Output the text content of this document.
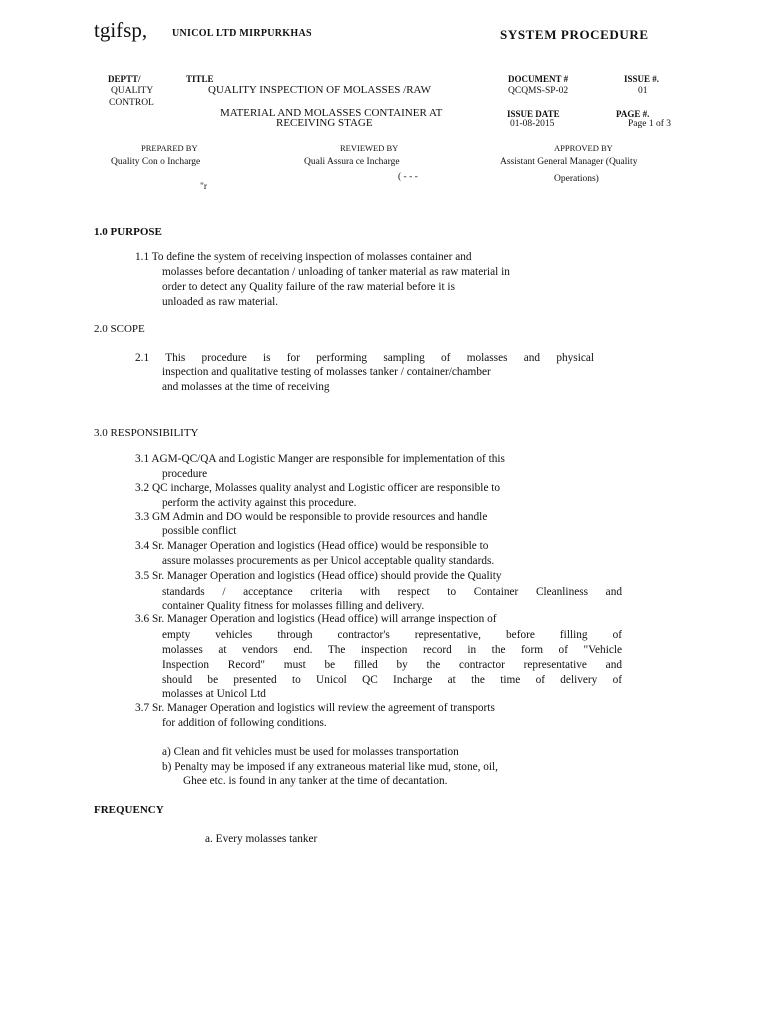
tgifsp, UNICOL LTD MIRPURKHAS	SYSTEM PROCEDURE
DEPTT/
QUALITY
CONTROL
TITLE
QUALITY INSPECTION OF MOLASSES /RAW
MATERIAL AND MOLASSES CONTAINER AT
RECEIVING STAGE
DOCUMENT #
QCQMS-SP-02
ISSUE #.
01
ISSUE DATE
01-08-2015
PAGE #.
Page 1 of 3
PREPARED BY
Quality Con o Incharge
"r
REVIEWED BY
Quali Assura ce Incharge
( - - -
APPROVED BY
Assistant General Manager (Quality
Operations)
1.0 PURPOSE
1.1 To define the system of receiving inspection of molasses container and
molasses before decantation / unloading of tanker material as raw material in
order to detect any Quality failure of the raw material before it is
unloaded as raw material.
2.0 SCOPE
2.1 This procedure is for performing sampling of molasses and physical
inspection and qualitative testing of molasses tanker / container/chamber
and molasses at the time of receiving
3.0 RESPONSIBILITY
3.1 AGM-QC/QA and Logistic Manger are responsible for implementation of this
procedure
3.2 QC incharge, Molasses quality analyst and Logistic officer are responsible to
perform the activity against this procedure.
3.3 GM Admin and DO would be responsible to provide resources and handle
possible conflict
3.4 Sr. Manager Operation and logistics (Head office) would be responsible to
assure molasses procurements as per Unicol acceptable quality standards.
3.5 Sr. Manager Operation and logistics (Head office) should provide the Quality
standards / acceptance criteria with respect to Container Cleanliness and
container Quality fitness for molasses filling and delivery.
3.6 Sr. Manager Operation and logistics (Head office) will arrange inspection of
empty vehicles through contractor's representative, before filling of
molasses at vendors end. The inspection record in the form of "Vehicle
Inspection Record" must be filled by the contractor representative and
should be presented to Unicol QC Incharge at the time of delivery of
molasses at Unicol Ltd
3.7 Sr. Manager Operation and logistics will review the agreement of transports
for addition of following conditions.
a) Clean and fit vehicles must be used for molasses transportation
b) Penalty may be imposed if any extraneous material like mud, stone, oil,
Ghee etc. is found in any tanker at the time of decantation.
FREQUENCY
a. Every molasses tanker
